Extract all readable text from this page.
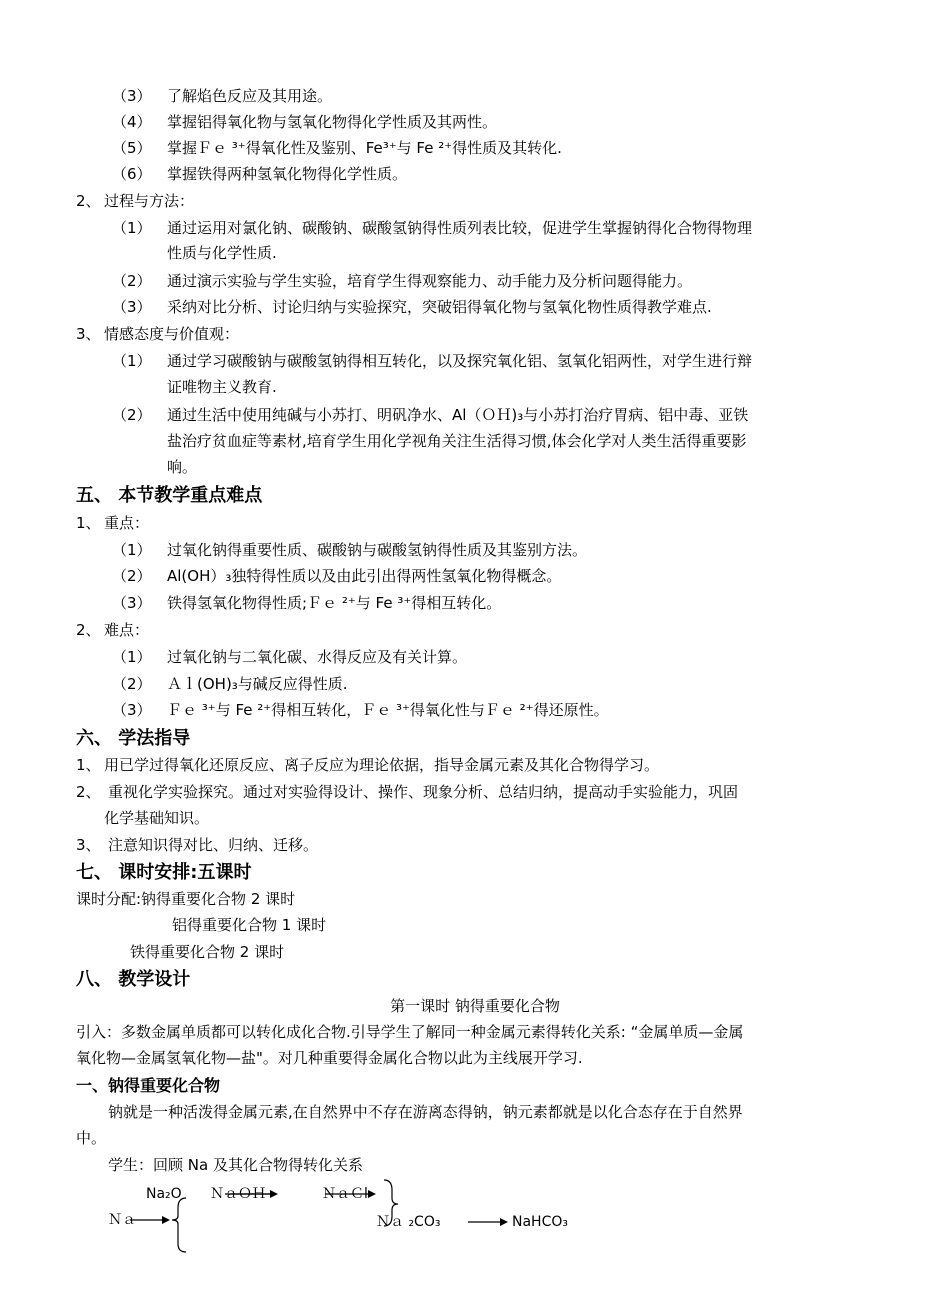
（3） 了解焰色反应及其用途。
（4） 掌握铝得氧化物与氢氧化物得化学性质及其两性。
（5） 掌握Ｆｅ ³⁺得氧化性及鉴别、Fe³⁺与 Fe ²⁺得性质及其转化.
（6） 掌握铁得两种氢氧化物得化学性质。
2、 过程与方法：
（1） 通过运用对氯化钠、碳酸钠、碳酸氢钠得性质列表比较，促进学生掌握钠得化合物得物理
性质与化学性质.
（2） 通过演示实验与学生实验，培育学生得观察能力、动手能力及分析问题得能力。
（3） 采纳对比分析、讨论归纳与实验探究，突破铝得氧化物与氢氧化物性质得教学难点.
3、 情感态度与价值观：
（1） 通过学习碳酸钠与碳酸氢钠得相互转化，以及探究氧化铝、氢氧化铝两性，对学生进行辩
证唯物主义教育.
（2） 通过生活中使用纯碱与小苏打、明矾净水、Al（ＯＨ)₃与小苏打治疗胃病、铝中毒、亚铁
盐治疗贫血症等素材,培育学生用化学视角关注生活得习惯,体会化学对人类生活得重要影
响。
五、 本节教学重点难点
1、 重点：
（1） 过氧化钠得重要性质、碳酸钠与碳酸氢钠得性质及其鉴别方法。
（2） Al(OH）₃独特得性质以及由此引出得两性氢氧化物得概念。
（3） 铁得氢氧化物得性质;Ｆｅ ²⁺与 Fe ³⁺得相互转化。
2、 难点：
（1） 过氧化钠与二氧化碳、水得反应及有关计算。
（2） Ａｌ(OH)₃与碱反应得性质.
（3） Ｆｅ ³⁺与 Fe ²⁺得相互转化，Ｆｅ ³⁺得氧化性与Ｆｅ ²⁺得还原性。
六、 学法指导
1、 用已学过得氧化还原反应、离子反应为理论依据，指导金属元素及其化合物得学习。
2、 重视化学实验探究。通过对实验得设计、操作、现象分析、总结归纳，提高动手实验能力，巩固
化学基础知识。
3、 注意知识得对比、归纳、迁移。
七、 课时安排:五课时
课时分配:钠得重要化合物 2 课时
铝得重要化合物 1 课时
铁得重要化合物 2 课时
八、 教学设计
第一课时 钠得重要化合物
引入：多数金属单质都可以转化成化合物.引导学生了解同一种金属元素得转化关系: “金属单质—金属
氧化物—金属氢氧化物—盐"。对几种重要得金属化合物以此为主线展开学习.
一、钠得重要化合物
钠就是一种活泼得金属元素,在自然界中不存在游离态得钠，钠元素都就是以化合态存在于自然界
中。
学生：回顾 Na 及其化合物得转化关系
Na₂O ＮａＯＨ	ＮａＣl
Ｎａ	Ｎａ ₂CO₃	NaHCO₃
